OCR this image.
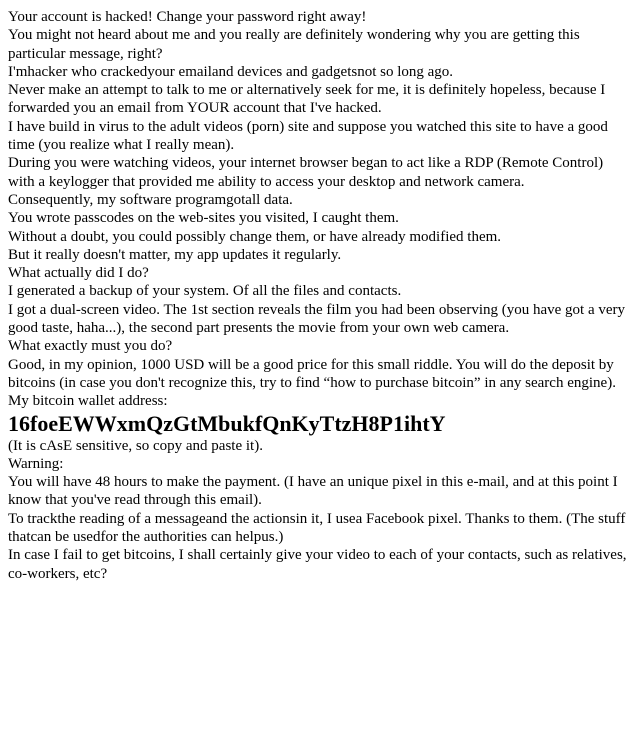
Your account is hacked! Change your password right away!

You might not heard about me and you really are definitely wondering why you are getting this particular message, right?

I'mhacker who crackedyour emailand devices and gadgetsnot so long ago.

Never make an attempt to talk to me or alternatively seek for me, it is definitely hopeless, because I forwarded you an email from YOUR account that I've hacked.

I have build in virus to the adult videos (porn) site and suppose you watched this site to have a good time (you realize what I really mean).

During you were watching videos, your internet browser began to act like a RDP (Remote Control) with a keylogger that provided me ability to access your desktop and network camera.

Consequently, my software programgotall data.

You wrote passcodes on the web-sites you visited, I caught them.

Without a doubt, you could possibly change them, or have already modified them.

But it really doesn't matter, my app updates it regularly.

What actually did I do?

I generated a backup of your system. Of all the files and contacts.

I got a dual-screen video. The 1st section reveals the film you had been observing (you have got a very good taste, haha...), the second part presents the movie from your own web camera.

What exactly must you do?

Good, in my opinion, 1000 USD will be a good price for this small riddle. You will do the deposit by bitcoins (in case you don't recognize this, try to find “how to purchase bitcoin” in any search engine).

My bitcoin wallet address:

16foeEWWxmQzGtMbukfQnKyTtzH8P1ihtY

(It is cAsE sensitive, so copy and paste it).

Warning:

You will have 48 hours to make the payment. (I have an unique pixel in this e-mail, and at this point I know that you've read through this email).

To trackthe reading of a messageand the actionsin it, I usea Facebook pixel. Thanks to them. (The stuff thatcan be usedfor the authorities can helpus.)

In case I fail to get bitcoins, I shall certainly give your video to each of your contacts, such as relatives, co-workers, etc?
